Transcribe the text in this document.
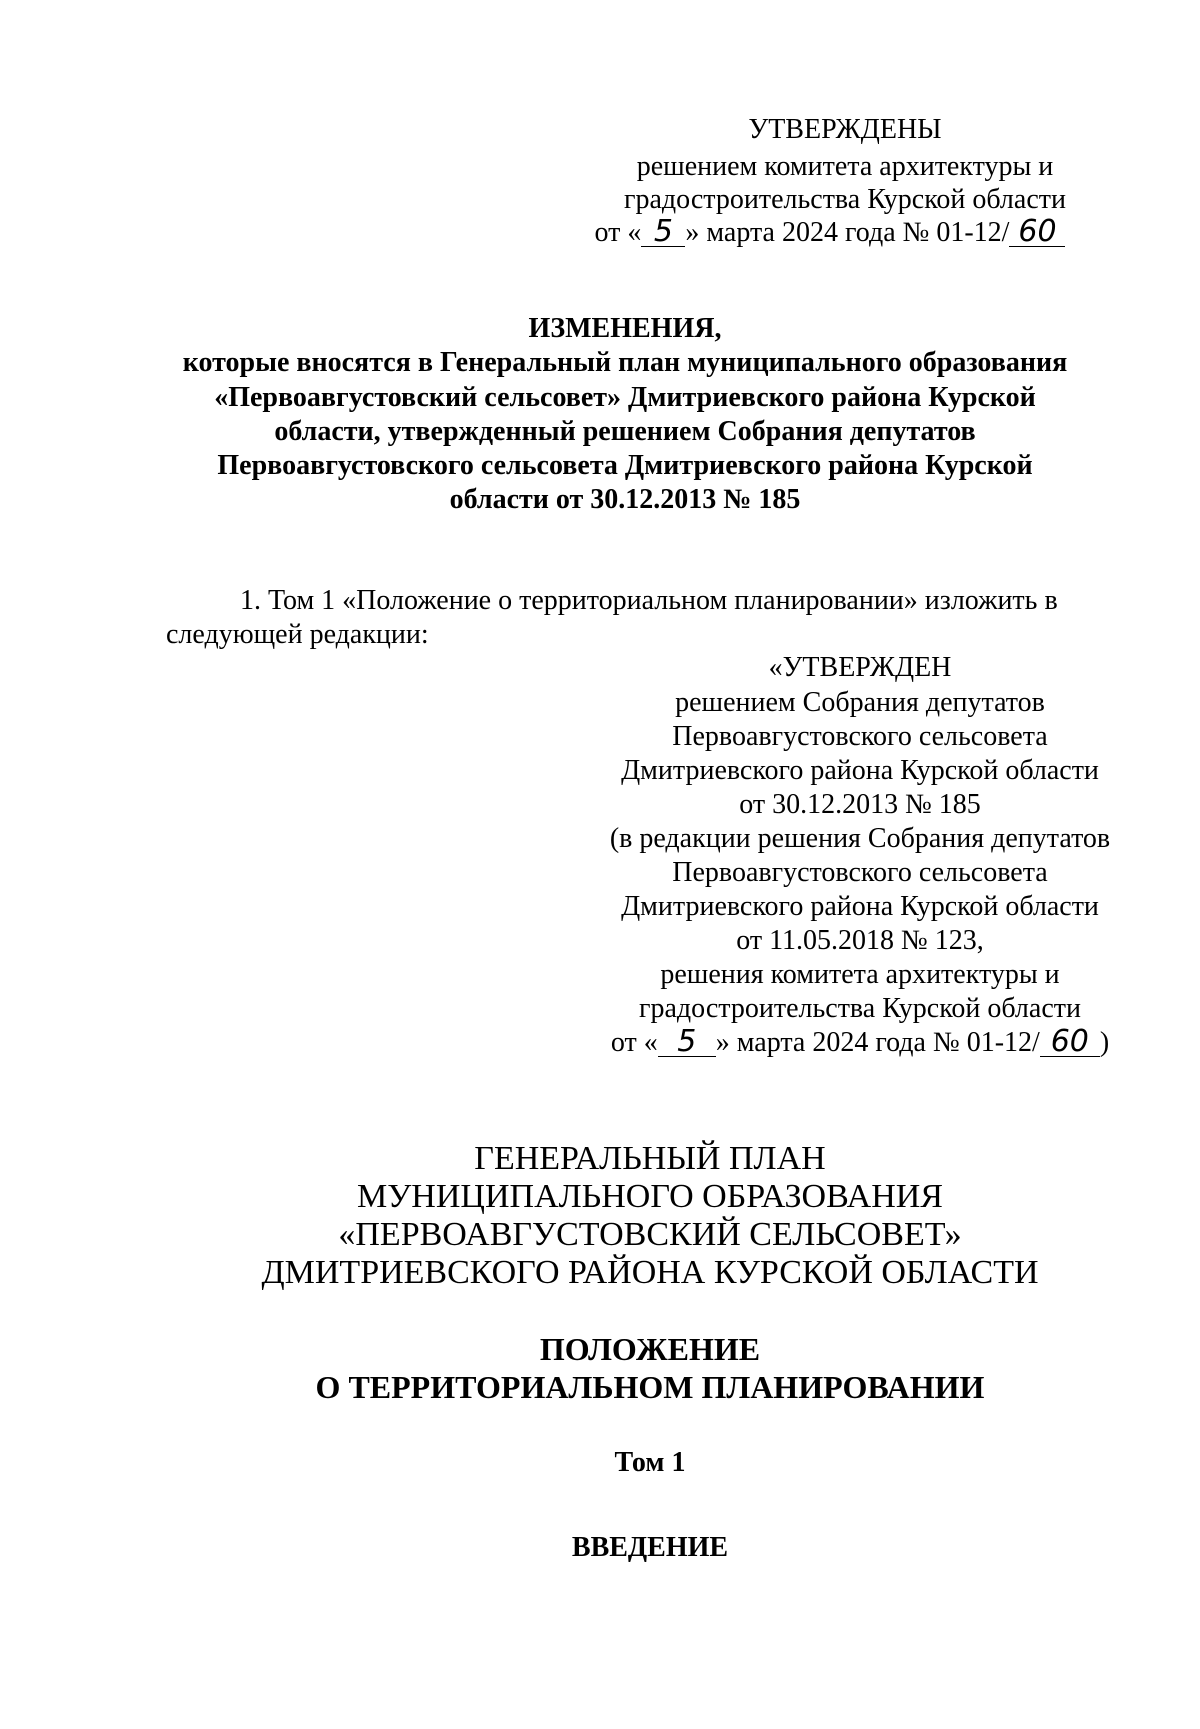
УТВЕРЖДЕНЫ
решением комитета архитектуры и
градостроительства Курской области
от « 5 » марта 2024 года № 01-12/ 60
ИЗМЕНЕНИЯ,
которые вносятся в Генеральный план муниципального образования
«Первоавгустовский сельсовет» Дмитриевского района Курской
области, утвержденный решением Собрания депутатов
Первоавгустовского сельсовета Дмитриевского района Курской
области от 30.12.2013 № 185
1. Том 1 «Положение о территориальном планировании» изложить в
следующей редакции:
«УТВЕРЖДЕН
решением Собрания депутатов
Первоавгустовского сельсовета
Дмитриевского района Курской области
от 30.12.2013 № 185
(в редакции решения Собрания депутатов
Первоавгустовского сельсовета
Дмитриевского района Курской области
от 11.05.2018 № 123,
решения комитета архитектуры и
градостроительства Курской области
от « 5 » марта 2024 года № 01-12/ 60 )
ГЕНЕРАЛЬНЫЙ ПЛАН
МУНИЦИПАЛЬНОГО ОБРАЗОВАНИЯ
«ПЕРВОАВГУСТОВСКИЙ СЕЛЬСОВЕТ»
ДМИТРИЕВСКОГО РАЙОНА КУРСКОЙ ОБЛАСТИ
ПОЛОЖЕНИЕ
О ТЕРРИТОРИАЛЬНОМ ПЛАНИРОВАНИИ
Том 1
ВВЕДЕНИЕ
